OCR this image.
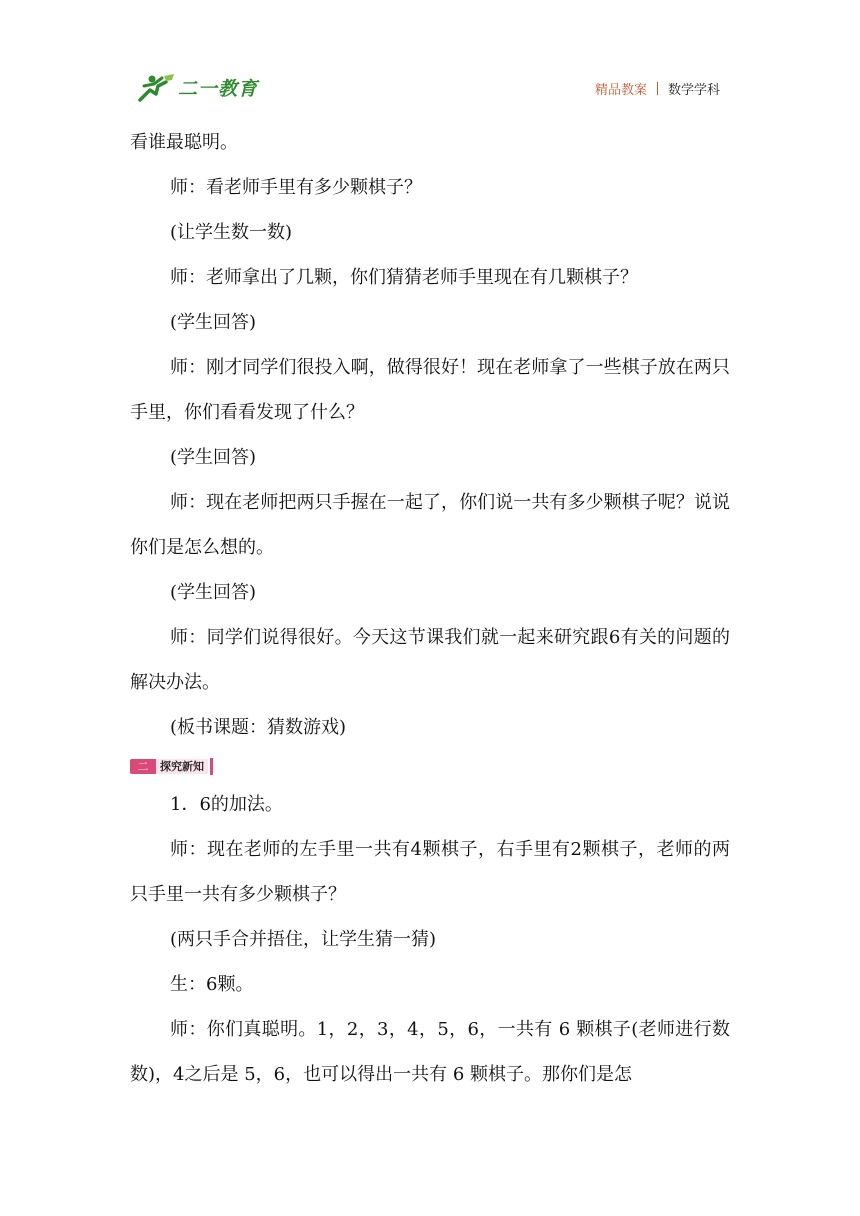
二一教育	精品教案 数学学科

看谁最聪明。

师：看老师手里有多少颗棋子？

(让学生数一数)

师：老师拿出了几颗，你们猜猜老师手里现在有几颗棋子？

(学生回答)

师：刚才同学们很投入啊，做得很好！现在老师拿了一些棋子放在两只手里，你们看看发现了什么？

(学生回答)

师：现在老师把两只手握在一起了，你们说一共有多少颗棋子呢？说说你们是怎么想的。

(学生回答)

师：同学们说得很好。今天这节课我们就一起来研究跟6有关的问题的解决办法。

(板书课题：猜数游戏)

二	探究新知

1．6的加法。

师：现在老师的左手里一共有4颗棋子，右手里有2颗棋子，老师的两只手里一共有多少颗棋子？

(两只手合并捂住，让学生猜一猜)

生：6颗。

师：你们真聪明。1，2，3，4，5，6，一共有 6 颗棋子(老师进行数数)，4之后是 5，6，也可以得出一共有 6 颗棋子。那你们是怎
